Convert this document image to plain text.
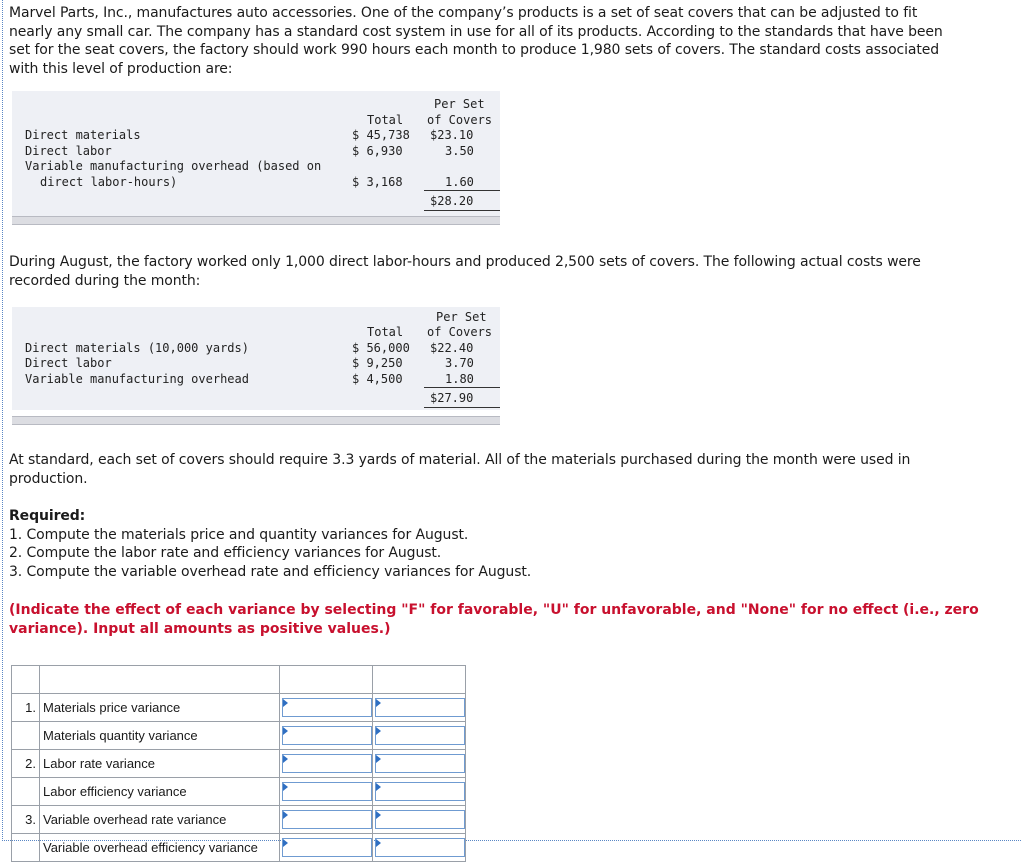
Marvel Parts, Inc., manufactures auto accessories. One of the company’s products is a set of seat covers that can be adjusted to fit
nearly any small car. The company has a standard cost system in use for all of its products. According to the standards that have been
set for the seat covers, the factory should work 990 hours each month to produce 1,980 sets of covers. The standard costs associated
with this level of production are:
Per Set
Total of Covers
Direct materials	$ 45,738 $23.10
Direct labor	$ 6,930	3.50
Variable manufacturing overhead (based on
direct labor-hours)	$ 3,168	1.60
$28.20
During August, the factory worked only 1,000 direct labor-hours and produced 2,500 sets of covers. The following actual costs were
recorded during the month:
Per Set
Total of Covers
Direct materials (10,000 yards)	$ 56,000 $22.40
Direct labor	$ 9,250	3.70
Variable manufacturing overhead	$ 4,500	1.80
$27.90
At standard, each set of covers should require 3.3 yards of material. All of the materials purchased during the month were used in
production.
Required:
1. Compute the materials price and quantity variances for August.
2. Compute the labor rate and efficiency variances for August.
3. Compute the variable overhead rate and efficiency variances for August.
(Indicate the effect of each variance by selecting "F" for favorable, "U" for unfavorable, and "None" for no effect (i.e., zero
variance). Input all amounts as positive values.)

1.	Materials price variance	

	Materials quantity variance	

2.	Labor rate variance	

	Labor efficiency variance	

3.	Variable overhead rate variance	

	Variable overhead efficiency variance	
